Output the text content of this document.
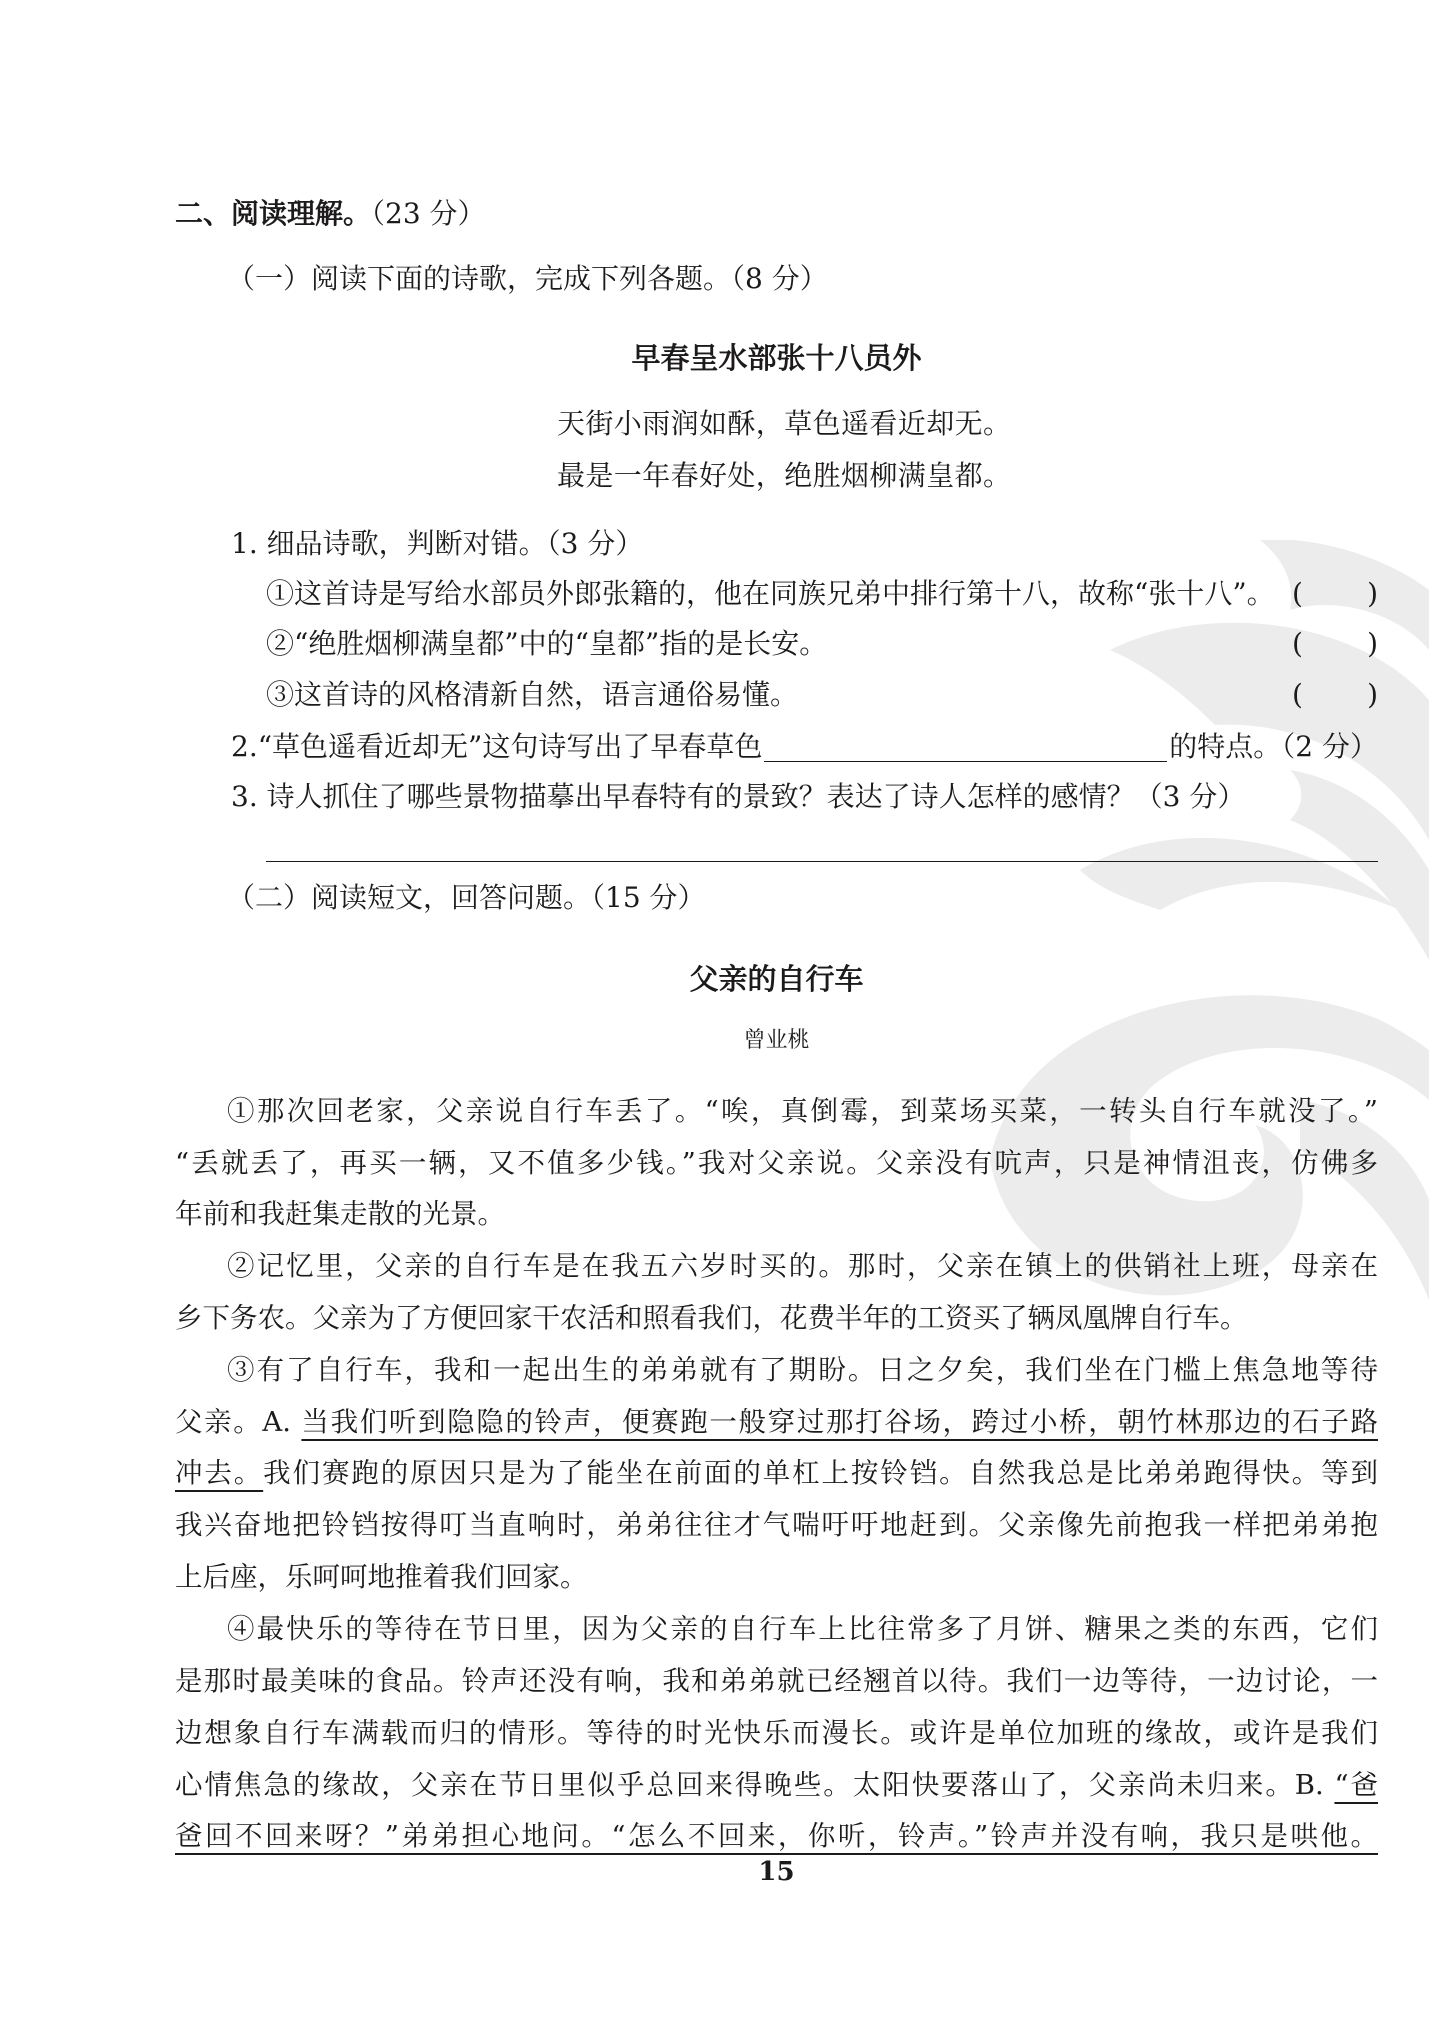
二、阅读理解。（23 分）
（一）阅读下面的诗歌，完成下列各题。（8 分）
早春呈水部张十八员外
天街小雨润如酥，草色遥看近却无。
最是一年春好处，绝胜烟柳满皇都。
1. 细品诗歌，判断对错。（3 分）
①这首诗是写给水部员外郎张籍的，他在同族兄弟中排行第十八，故称“张十八”。 ( )
②“绝胜烟柳满皇都”中的“皇都”指的是长安。	( )
③这首诗的风格清新自然，语言通俗易懂。	( )
2.“草色遥看近却无”这句诗写出了早春草色	的特点。（2 分）
3. 诗人抓住了哪些景物描摹出早春特有的景致？表达了诗人怎样的感情？（3 分）
（二）阅读短文，回答问题。（15 分）
父亲的自行车
曾业桃
①那次回老家，父亲说自行车丢了。“唉，真倒霉，到菜场买菜，一转头自行车就没了。”
“丢就丢了，再买一辆，又不值多少钱。”我对父亲说。父亲没有吭声，只是神情沮丧，仿佛多
年前和我赶集走散的光景。
②记忆里，父亲的自行车是在我五六岁时买的。那时，父亲在镇上的供销社上班，母亲在
乡下务农。父亲为了方便回家干农活和照看我们，花费半年的工资买了辆凤凰牌自行车。
③有了自行车，我和一起出生的弟弟就有了期盼。日之夕矣，我们坐在门槛上焦急地等待
父亲。A. 当我们听到隐隐的铃声，便赛跑一般穿过那打谷场，跨过小桥，朝竹林那边的石子路
冲去。我们赛跑的原因只是为了能坐在前面的单杠上按铃铛。自然我总是比弟弟跑得快。等到
我兴奋地把铃铛按得叮当直响时，弟弟往往才气喘吁吁地赶到。父亲像先前抱我一样把弟弟抱
上后座，乐呵呵地推着我们回家。
④最快乐的等待在节日里，因为父亲的自行车上比往常多了月饼、糖果之类的东西，它们
是那时最美味的食品。铃声还没有响，我和弟弟就已经翘首以待。我们一边等待，一边讨论，一
边想象自行车满载而归的情形。等待的时光快乐而漫长。或许是单位加班的缘故，或许是我们
心情焦急的缘故，父亲在节日里似乎总回来得晚些。太阳快要落山了，父亲尚未归来。B. “爸
爸回不回来呀？”弟弟担心地问。“怎么不回来，你听，铃声。”铃声并没有响，我只是哄他。
15
